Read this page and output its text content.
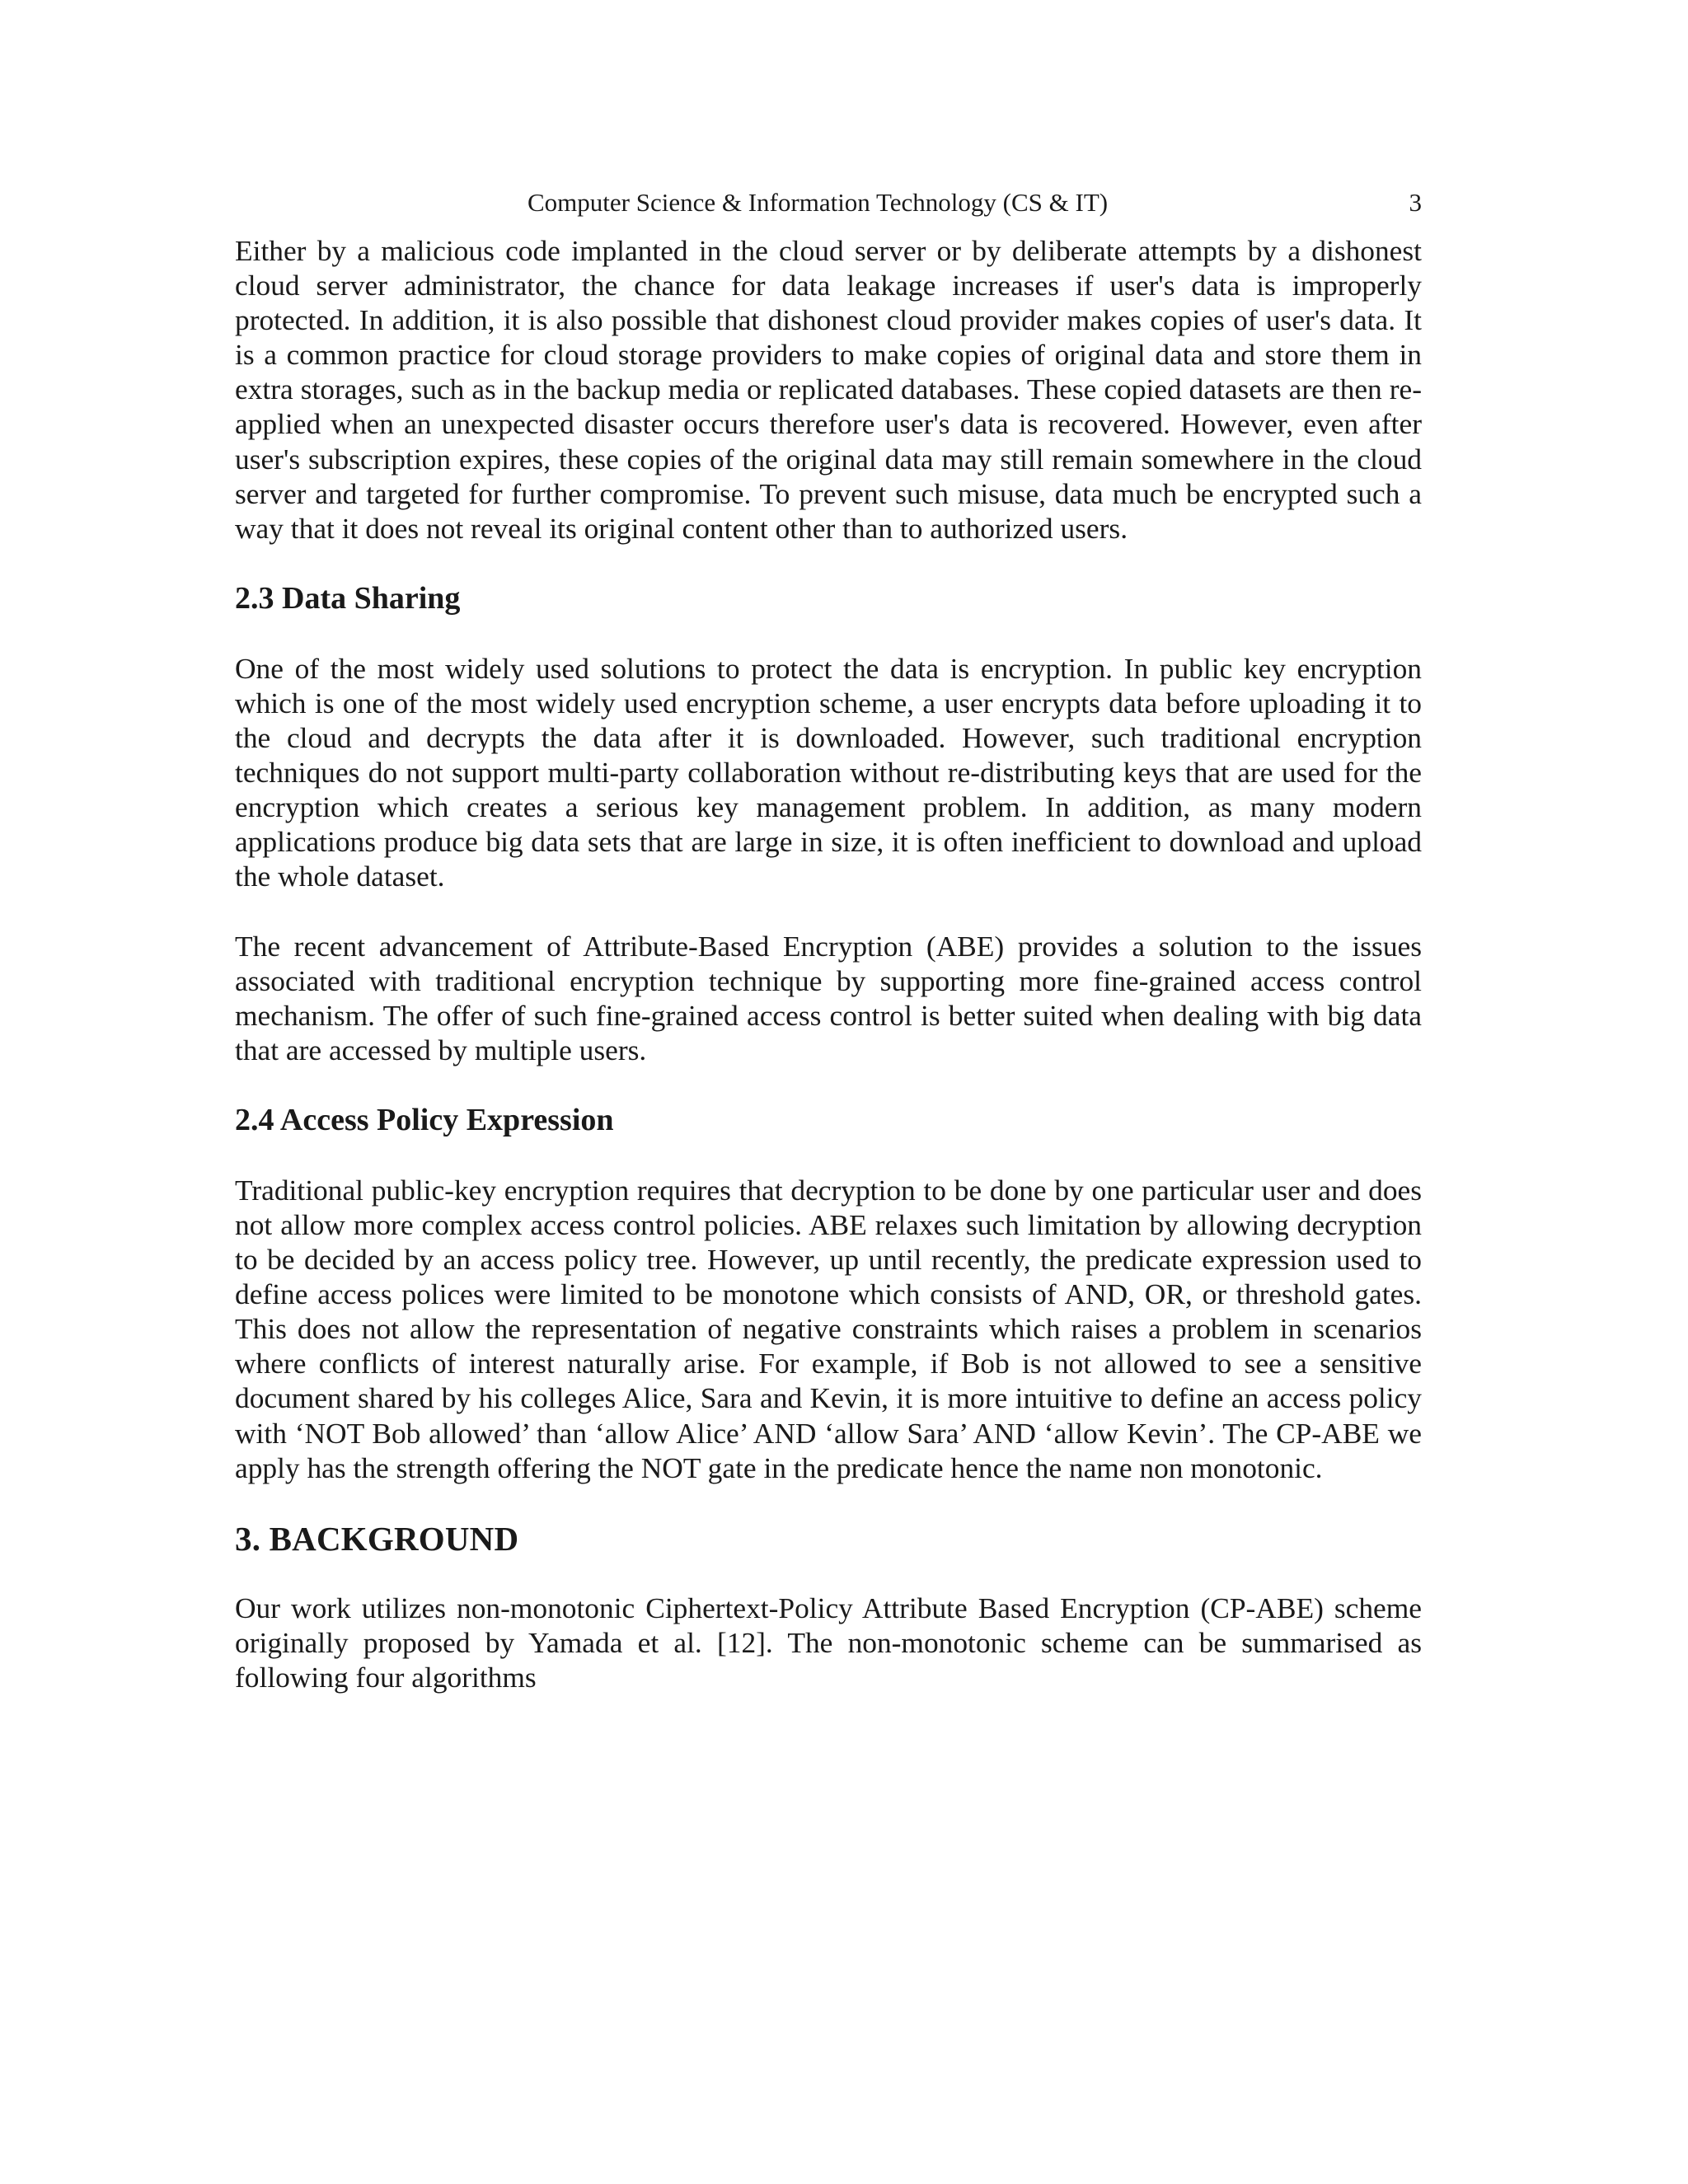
Computer Science & Information Technology (CS & IT)	3

Either by a malicious code implanted in the cloud server or by deliberate attempts by a dishonest cloud server administrator, the chance for data leakage increases if user's data is improperly protected. In addition, it is also possible that dishonest cloud provider makes copies of user's data. It is a common practice for cloud storage providers to make copies of original data and store them in extra storages, such as in the backup media or replicated databases. These copied datasets are then re-applied when an unexpected disaster occurs therefore user's data is recovered. However, even after user's subscription expires, these copies of the original data may still remain somewhere in the cloud server and targeted for further compromise. To prevent such misuse, data much be encrypted such a way that it does not reveal its original content other than to authorized users.

2.3 Data Sharing

One of the most widely used solutions to protect the data is encryption. In public key encryption which is one of the most widely used encryption scheme, a user encrypts data before uploading it to the cloud and decrypts the data after it is downloaded. However, such traditional encryption techniques do not support multi-party collaboration without re-distributing keys that are used for the encryption which creates a serious key management problem. In addition, as many modern applications produce big data sets that are large in size, it is often inefficient to download and upload the whole dataset.

The recent advancement of Attribute-Based Encryption (ABE) provides a solution to the issues associated with traditional encryption technique by supporting more fine-grained access control mechanism. The offer of such fine-grained access control is better suited when dealing with big data that are accessed by multiple users.

2.4 Access Policy Expression

Traditional public-key encryption requires that decryption to be done by one particular user and does not allow more complex access control policies. ABE relaxes such limitation by allowing decryption to be decided by an access policy tree. However, up until recently, the predicate expression used to define access polices were limited to be monotone which consists of AND, OR, or threshold gates. This does not allow the representation of negative constraints which raises a problem in scenarios where conflicts of interest naturally arise. For example, if Bob is not allowed to see a sensitive document shared by his colleges Alice, Sara and Kevin, it is more intuitive to define an access policy with ‘NOT Bob allowed’ than ‘allow Alice’ AND ‘allow Sara’ AND ‘allow Kevin’. The CP-ABE we apply has the strength offering the NOT gate in the predicate hence the name non monotonic.

3. BACKGROUND

Our work utilizes non-monotonic Ciphertext-Policy Attribute Based Encryption (CP-ABE) scheme originally proposed by Yamada et al. [12]. The non-monotonic scheme can be summarised as following four algorithms
